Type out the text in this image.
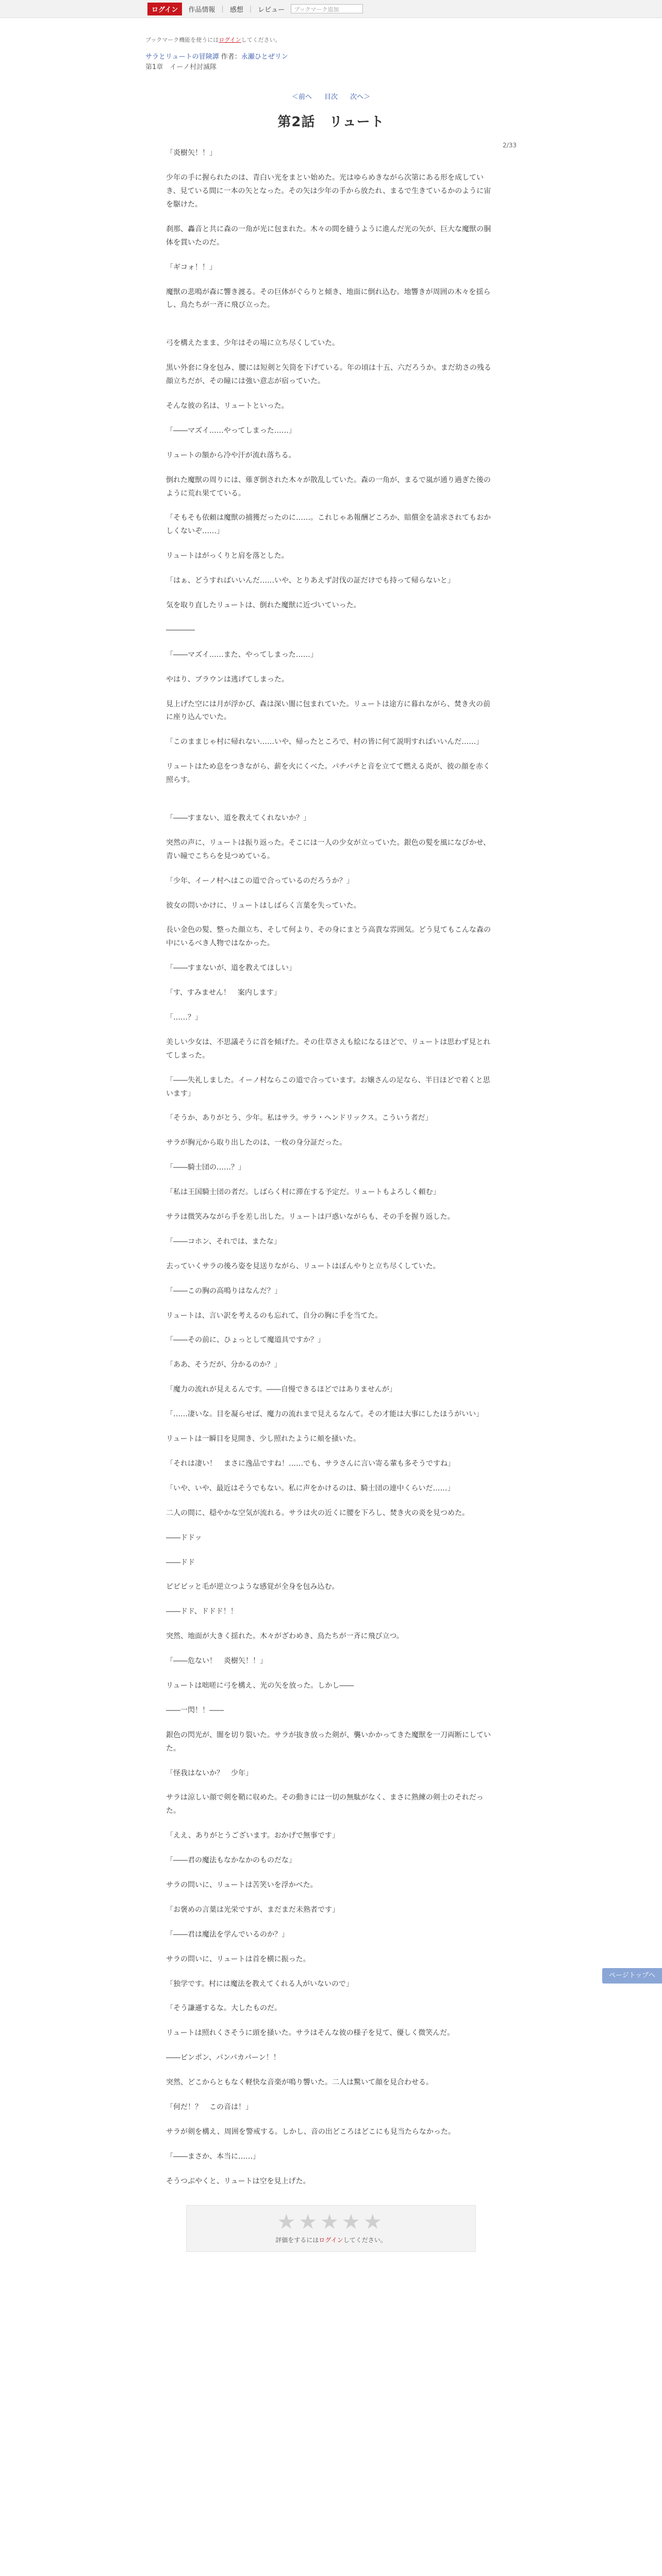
ログイン	作品情報 | 感想 | レビュー	ブックマーク追加
ブックマーク機能を使うにはログインしてください。
サラとリュートの冒険譚 作者：永瀬ひとぜリン
第1章　イーノ村討滅隊
＜前へ 目次 次へ＞
2/33
第2話　リュート

「炎樹矢！！」

少年の手に握られたのは、青白い光をまとい始めた。光はゆらめきながら次第にある形を成していき、見ている間に一本の矢となった。その矢は少年の手から放たれ、まるで生きているかのように宙を駆けた。

刹那、轟音と共に森の一角が光に包まれた。木々の間を縫うように進んだ光の矢が、巨大な魔獣の胴体を貫いたのだ。

「ギコォ！！」

魔獣の悲鳴が森に響き渡る。その巨体がぐらりと傾き、地面に倒れ込む。地響きが周囲の木々を揺らし、鳥たちが一斉に飛び立った。

弓を構えたまま、少年はその場に立ち尽くしていた。

黒い外套に身を包み、腰には短剣と矢筒を下げている。年の頃は十五、六だろうか。まだ幼さの残る顔立ちだが、その瞳には強い意志が宿っていた。

そんな彼の名は、リュートといった。

「――マズイ……やってしまった……」

リュートの額から冷や汗が流れ落ちる。

倒れた魔獣の周りには、薙ぎ倒された木々が散乱していた。森の一角が、まるで嵐が通り過ぎた後のように荒れ果てている。

「そもそも依頼は魔獣の捕獲だったのに……。これじゃあ報酬どころか、賠償金を請求されてもおかしくないぞ……」

リュートはがっくりと肩を落とした。

「はぁ、どうすればいいんだ……いや、とりあえず討伐の証だけでも持って帰らないと」

気を取り直したリュートは、倒れた魔獣に近づいていった。

――――

「――マズイ……また、やってしまった……」

やはり、ブラウンは逃げてしまった。

見上げた空には月が浮かび、森は深い闇に包まれていた。リュートは途方に暮れながら、焚き火の前に座り込んでいた。

「このままじゃ村に帰れない……いや、帰ったところで、村の皆に何て説明すればいいんだ……」

リュートはため息をつきながら、薪を火にくべた。パチパチと音を立てて燃える炎が、彼の顔を赤く照らす。

「――すまない、道を教えてくれないか？」

突然の声に、リュートは振り返った。そこには一人の少女が立っていた。銀色の髪を風になびかせ、青い瞳でこちらを見つめている。

「少年、イーノ村へはこの道で合っているのだろうか？」

彼女の問いかけに、リュートはしばらく言葉を失っていた。

長い金色の髪、整った顔立ち、そして何より、その身にまとう高貴な雰囲気。どう見てもこんな森の中にいるべき人物ではなかった。

「――すまないが、道を教えてほしい」

「す、すみません！　案内します」

「……？」

美しい少女は、不思議そうに首を傾げた。その仕草さえも絵になるほどで、リュートは思わず見とれてしまった。

「――失礼しました。イーノ村ならこの道で合っています。お嬢さんの足なら、半日ほどで着くと思います」

「そうか、ありがとう、少年。私はサラ。サラ・ヘンドリックス。こういう者だ」

サラが胸元から取り出したのは、一枚の身分証だった。

「――騎士団の……？」

「私は王国騎士団の者だ。しばらく村に滞在する予定だ。リュートもよろしく頼む」

サラは微笑みながら手を差し出した。リュートは戸惑いながらも、その手を握り返した。

「――コホン、それでは、またな」

去っていくサラの後ろ姿を見送りながら、リュートはぼんやりと立ち尽くしていた。

「――この胸の高鳴りはなんだ？」

リュートは、言い訳を考えるのも忘れて、自分の胸に手を当てた。

「――その前に、ひょっとして魔道具ですか？」

「ああ、そうだが、分かるのか？」

「魔力の流れが見えるんです。――自慢できるほどではありませんが」

「……凄いな。目を凝らせば、魔力の流れまで見えるなんて。その才能は大事にしたほうがいい」

リュートは一瞬目を見開き、少し照れたように頬を掻いた。

「それは凄い！　まさに逸品ですね！……でも、サラさんに言い寄る輩も多そうですね」

「いや、いや、最近はそうでもない。私に声をかけるのは、騎士団の連中くらいだ……」

二人の間に、穏やかな空気が流れる。サラは火の近くに腰を下ろし、焚き火の炎を見つめた。

――ドドッ

――ドド

ビビビッと毛が逆立つような感覚が全身を包み込む。

――ドド、ドドド！！

突然、地面が大きく揺れた。木々がざわめき、鳥たちが一斉に飛び立つ。

「――危ない！　炎樹矢！！」

リュートは咄嗟に弓を構え、光の矢を放った。しかし――

――一閃！！――

銀色の閃光が、闇を切り裂いた。サラが抜き放った剣が、襲いかかってきた魔獣を一刀両断にしていた。

「怪我はないか？　少年」

サラは涼しい顔で剣を鞘に収めた。その動きには一切の無駄がなく、まさに熟練の剣士のそれだった。

「ええ、ありがとうございます。おかげで無事です」

「――君の魔法もなかなかのものだな」

サラの問いに、リュートは苦笑いを浮かべた。

「お褒めの言葉は光栄ですが、まだまだ未熟者です」

「――君は魔法を学んでいるのか？」

サラの問いに、リュートは首を横に振った。

「独学です。村には魔法を教えてくれる人がいないので」

「そう謙遜するな。大したものだ。

リュートは照れくさそうに頭を掻いた。サラはそんな彼の様子を見て、優しく微笑んだ。

――ピンポン、パンパカパーン！！

突然、どこからともなく軽快な音楽が鳴り響いた。二人は驚いて顔を見合わせる。

「何だ！？　この音は！」

サラが剣を構え、周囲を警戒する。しかし、音の出どころはどこにも見当たらなかった。

「――まさか、本当に……」

そうつぶやくと、リュートは空を見上げた。

★★★★★
評価をするにはログインしてください。
ページトップへ
